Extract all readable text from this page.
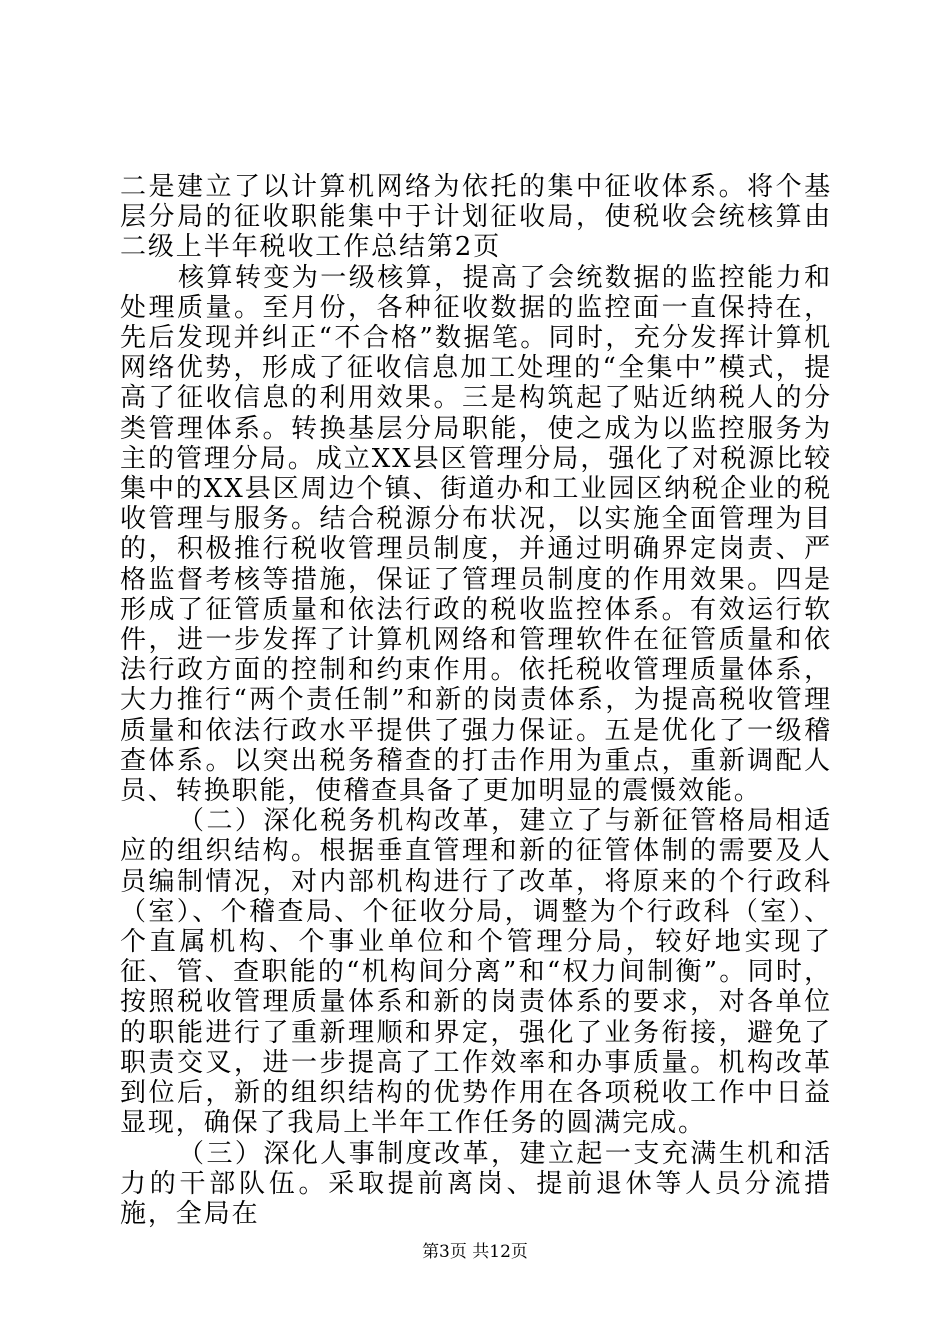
二是建立了以计算机网络为依托的集中征收体系。将个基层分局的征收职能集中于计划征收局，使税收会统核算由二级上半年税收工作总结第2页

核算转变为一级核算，提高了会统数据的监控能力和处理质量。至月份，各种征收数据的监控面一直保持在，先后发现并纠正“不合格”数据笔。同时，充分发挥计算机网络优势，形成了征收信息加工处理的“全集中”模式，提高了征收信息的利用效果。三是构筑起了贴近纳税人的分类管理体系。转换基层分局职能，使之成为以监控服务为主的管理分局。成立XX县区管理分局，强化了对税源比较集中的XX县区周边个镇、街道办和工业园区纳税企业的税收管理与服务。结合税源分布状况，以实施全面管理为目的，积极推行税收管理员制度，并通过明确界定岗责、严格监督考核等措施，保证了管理员制度的作用效果。四是形成了征管质量和依法行政的税收监控体系。有效运行软件，进一步发挥了计算机网络和管理软件在征管质量和依法行政方面的控制和约束作用。依托税收管理质量体系，大力推行“两个责任制”和新的岗责体系，为提高税收管理质量和依法行政水平提供了强力保证。五是优化了一级稽查体系。以突出税务稽查的打击作用为重点，重新调配人员、转换职能，使稽查具备了更加明显的震慑效能。

（二）深化税务机构改革，建立了与新征管格局相适应的组织结构。根据垂直管理和新的征管体制的需要及人员编制情况，对内部机构进行了改革，将原来的个行政科（室）、个稽查局、个征收分局，调整为个行政科（室）、个直属机构、个事业单位和个管理分局，较好地实现了征、管、查职能的“机构间分离”和“权力间制衡”。同时，按照税收管理质量体系和新的岗责体系的要求，对各单位的职能进行了重新理顺和界定，强化了业务衔接，避免了职责交叉，进一步提高了工作效率和办事质量。机构改革到位后，新的组织结构的优势作用在各项税收工作中日益显现，确保了我局上半年工作任务的圆满完成。

（三）深化人事制度改革，建立起一支充满生机和活力的干部队伍。采取提前离岗、提前退休等人员分流措施，全局在

第3页 共12页
